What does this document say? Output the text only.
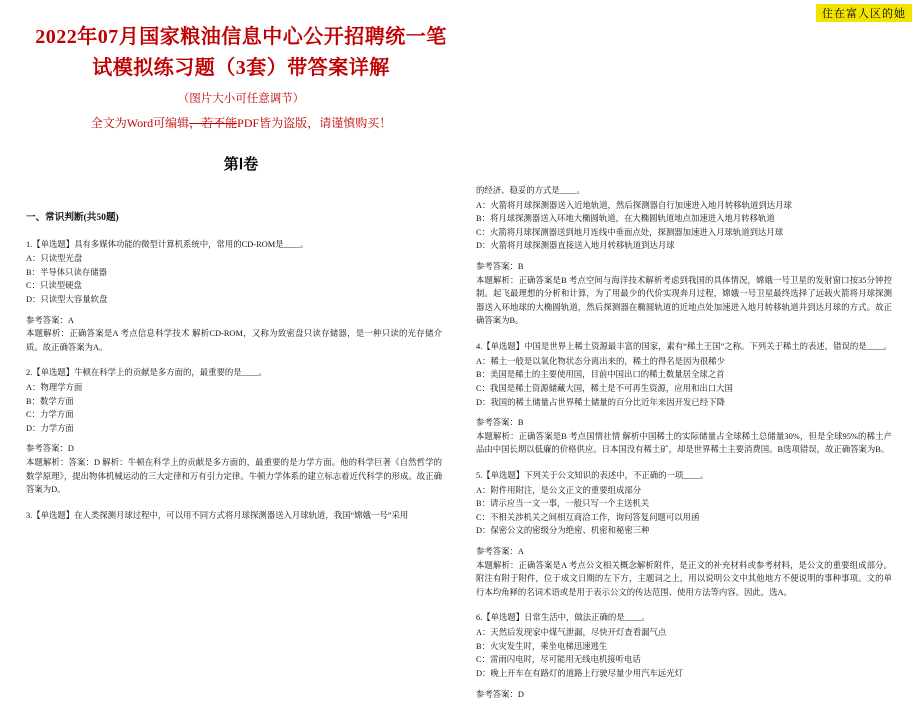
住在富人区的她
2022年07月国家粮油信息中心公开招聘统一笔试模拟练习题（3套）带答案详解
（图片大小可任意调节）
全文为Word可编辑，若不能PDF皆为盗版，请谨慎购买！
第Ⅰ卷
一、常识判断(共50题)
1.【单选题】具有多媒体功能的微型计算机系统中，常用的CD-ROM是____。
A：只读型光盘
B：半导体只读存储器
C：只读型硬盘
D：只读型大容量软盘
参考答案：A
本题解析：正确答案是A 考点信息科学技术 解析CD-ROM，又称为致密盘只读存储器，是一种只读的光存储介质。故正确答案为A。
2.【单选题】牛顿在科学上的贡献是多方面的，最重要的是____。
A：物理学方面
B：数学方面
C：力学方面
D：力学方面
参考答案：D
本题解析：答案：D 解析：牛顿在科学上的贡献是多方面的，最重要的是力学方面。他的科学巨著《自然哲学的数学原理》，提出物体机械运动的三大定律和万有引力定律。牛顿力学体系的建立标志着近代科学的形成。故正确答案为D。
3.【单选题】在人类探测月球过程中，可以用不同方式将月球探测器送入月球轨道，我国“嫦娥一号”采用
的经济、稳妥的方式是____。
A：火箭将月球探测器送入近地轨道，然后探测器自行加速进入地月转移轨道到达月球
B：将月球探测器送入环地大椭圆轨道，在大椭圆轨道地点加速进入地月转移轨道
C：火箭将月球探测器送到地月连线中垂面点处，探测器加速进入月球轨道到达月球
D：火箭将月球探测器直接送入地月转移轨道到达月球
参考答案：B
本题解析：正确答案是B 考点空间与海洋技术解析考虑到我国的具体情况，嫦娥一号卫星的发射窗口按35分钟控制。起飞最理想的分析和计算，为了用最少的代价实现奔月过程，嫦娥一号卫星最终选择了远载火箭将月球探测器送入环地球的大椭圆轨道，然后探测器在椭圆轨道的近地点处加速进入地月转移轨道并到达月球的方式。故正确答案为B。
4.【单选题】中国是世界上稀土资源最丰富的国家，素有“稀土王国”之称。下列关于稀土的表述，错误的是____。
A：稀土一般是以氧化物状态分离出来的，稀土的得名是因为很稀少
B：美国是稀土的主要使用国，目前中国出口的稀土数量居全球之首
C：我国是稀土资源储藏大国，稀土是不可再生资源，应用和出口大国
D：我国的稀土储量占世界稀土储量的百分比近年来因开发已经下降
参考答案：B
本题解析：正确答案是B 考点国情社情 解析中国稀土的实际储量占全球稀土总储量30%，但是全球95%的稀土产品由中国长期以低廉的价格供应。日本国没有稀土矿，却是世界稀土主要消费国。B选项错误，故正确答案为B。
5.【单选题】下列关于公文知识的表述中，不正确的一项____。
A：附件用附注，是公文正文的重要组成部分
B：请示应当一文一事，一般只写一个主送机关
C：不相关涉机关之间相互商洽工作，询问答复问题可以用函
D：保密公文的密级分为绝密、机密和秘密三种
参考答案：A
本题解析：正确答案是A 考点公文相关概念解析附件，是正文的补充材料或参考材料，是公文的重要组成部分。附注有附于附件，位于成文日期的左下方，主题词之上，用以说明公文中其他地方不便说明的事种事项。文的单行本均角释的名词术语或是用于表示公文的传达范围、使用方法等内容。因此，选A。
6.【单选题】日常生活中，做法正确的是____。
A：天然后发现家中煤气泄漏，尽快开灯查看漏气点
B：火灾发生时，乘坐电梯迅速逃生
C：雷雨闪电时，尽可能用无线电机接听电话
D：晚上开车在有路灯的道路上行驶尽量少用汽车远光灯
参考答案：D
